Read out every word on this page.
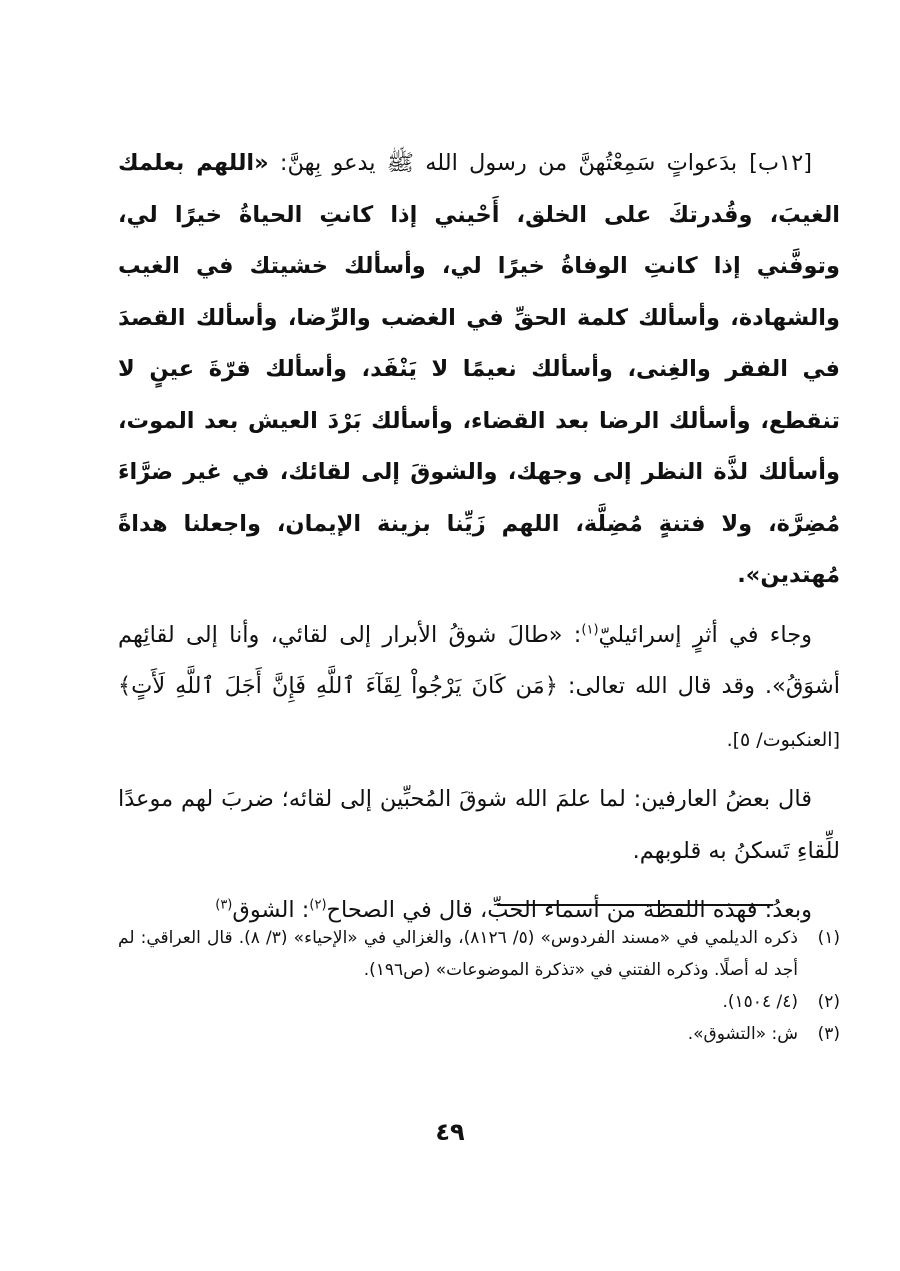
[١٢ب] بدَعواتٍ سَمِعْتُهنَّ من رسول الله ﷺ يدعو بِهنَّ: «اللهم بعلمك الغيبَ، وقُدرتكَ على الخلق، أَحْيني إذا كانتِ الحياةُ خيرًا لي، وتوفَّني إذا كانتِ الوفاةُ خيرًا لي، وأسألك خشيتك في الغيب والشهادة، وأسألك كلمة الحقِّ في الغضب والرِّضا، وأسألك القصدَ في الفقر والغِنى، وأسألك نعيمًا لا يَنْفَد، وأسألك قرّةَ عينٍ لا تنقطع، وأسألك الرضا بعد القضاء، وأسألك بَرْدَ العيش بعد الموت، وأسألك لذَّة النظر إلى وجهك، والشوقَ إلى لقائك، في غير ضرَّاءَ مُضِرَّة، ولا فتنةٍ مُضِلَّة، اللهم زَيِّنا بزينة الإيمان، واجعلنا هداةً مُهتدين».

وجاء في أثرٍ إسرائيليّ$^{(١)}$: «طالَ شوقُ الأبرار إلى لقائي، وأنا إلى لقائِهم أشوَقُ». وقد قال الله تعالى: ﴿مَن كَانَ يَرْجُواْ لِقَآءَ ٱللَّهِ فَإِنَّ أَجَلَ ٱللَّهِ لَأَتٍ﴾ [العنكبوت/ ٥].

قال بعضُ العارفين: لما علمَ الله شوقَ المُحبِّين إلى لقائه؛ ضربَ لهم موعدًا للِّقاءِ تَسكنُ به قلوبهم.

وبعدُ: فهذه اللفظة من أسماء الحبِّ، قال في الصحاح$^{(٢)}$: الشوق$^{(٣)}$

(١)
ذكره الديلمي في «مسند الفردوس» (٥/ ٨١٢٦)، والغزالي في «الإحياء» (٣/ ٨). قال العراقي: لم أجد له أصلًا. وذكره الفتني في «تذكرة الموضوعات» (ص١٩٦).
(٢)
(٤/ ١٥٠٤).
(٣)
ش: «التشوق».
٤٩
